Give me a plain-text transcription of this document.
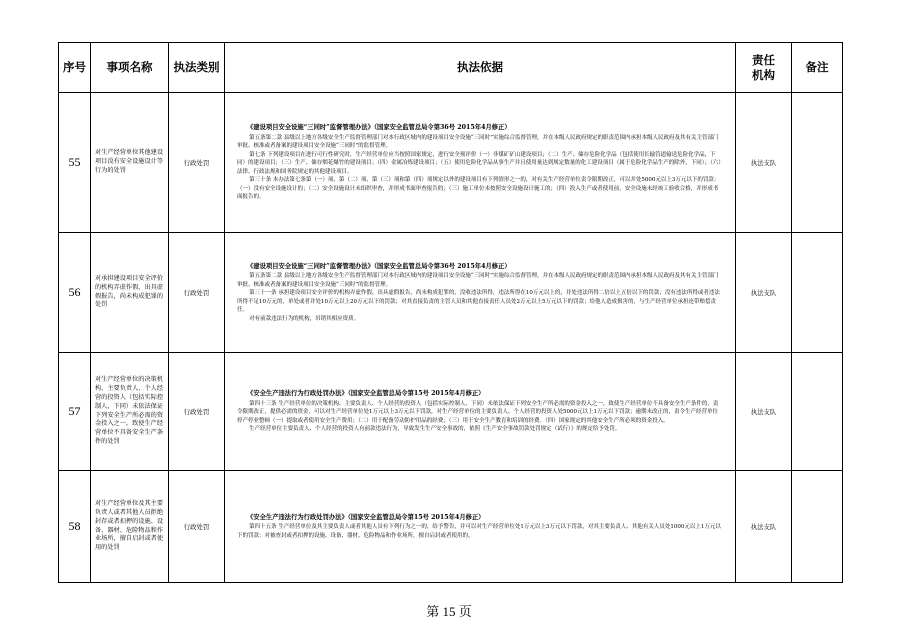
序号	事项名称	执法类别	执法依据	责任机构	备注
55	对生产经营单位其他建设项目没有安全设施设计等行为的处罚	行政处罚	《建设项目安全设施“三同时”监督管理办法》（国家安全监管总局令第36号 2015年4月修正）

第五条第二款 县级以上地方各级安全生产监督管理部门对本行政区域内的建设项目安全设施“三同时”实施综合监督管理，并在本级人民政府规定的职责范围内承担本级人民政府及其有关主管部门审批、核准或者备案的建设项目安全设施“三同时”的监督管理。

第七条 下列建设项目在进行可行性研究时，生产经营单位应当按照国家规定，进行安全预评价（一）非煤矿矿山建设项目；（二）生产、储存危险化学品（包括使用长输管道输送危险化学品，下同）的建设项目；（三）生产、储存烟花爆竹的建设项目；（四）金属冶炼建设项目；（五）使用危险化学品从事生产并且使用量达到规定数量的化工建设项目（属于危险化学品生产的除外，下同）；（六）法律、行政法规和国务院规定的其他建设项目。

第三十条 本办法第七条第（一）项、第（二）项、第（三）项和第（四）项规定以外的建设项目有下列情形之一的，对有关生产经营单位责令限期改正，可以并处5000元以上3万元以下的罚款：（一）没有安全设施设计的；（二）安全设施设计未组织审查，并形成书面审查报告的；（三）施工单位未按照安全设施设计施工的；（四）投入生产或者使用前，安全设施未经竣工验收合格，并形成书面报告的。	执法支队	
56	对承担建设项目安全评价的机构弄虚作假、出具虚假报告，尚未构成犯罪的处罚	行政处罚	《建设项目安全设施“三同时”监督管理办法》（国家安全监管总局令第36号 2015年4月修正）

第五条第二款 县级以上地方各级安全生产监督管理部门对本行政区域内的建设项目安全设施“三同时”实施综合监督管理，并在本级人民政府规定的职责范围内承担本级人民政府及其有关主管部门审批、核准或者备案的建设项目安全设施“三同时”的监督管理。

第三十一条 承担建设项目安全评价的机构弄虚作假、出具虚假报告，尚未构成犯罪的，没收违法所得，违法所得在10万元以上的，并处违法所得二倍以上五倍以下的罚款；没有违法所得或者违法所得不足10万元的，单处或者并处10万元以上20万元以下的罚款；对其直接负责的主管人员和其他直接责任人员处2万元以上5万元以下的罚款；给他人造成损害的，与生产经营单位承担连带赔偿责任。

对有前款违法行为的机构，吊销其相应资质。	执法支队	
57	对生产经营单位的决策机构、主要负责人、个人经营的投资人（包括实际控制人，下同）未依法保证下列安全生产所必需的资金投入之一，致使生产经营单位不具备安全生产条件的处罚	行政处罚	《安全生产违法行为行政处罚办法》（国家安全监管总局令第15号 2015年4月修正）

第四十三条 生产经营单位的决策机构、主要负责人、个人经营的投资人（包括实际控制人，下同）未依法保证下列安全生产所必需的资金投入之一，致使生产经营单位不具备安全生产条件的，责令限期改正，提供必需的资金，可以对生产经营单位处1万元以上3万元以下罚款，对生产经营单位的主要负责人、个人经营的投资人处5000元以上1万元以下罚款；逾期未改正的，责令生产经营单位停产停业整顿（一）提取或者使用安全生产费用；（二）用于配备劳动防护用品的经费；（三）用于安全生产教育和培训的经费。（四）国家规定的其他安全生产所必须的资金投入。

生产经营单位主要负责人、个人经营的投资人有前款违法行为，导致发生生产安全事故的，依照《生产安全事故罚款处罚规定（试行）》的规定给予处罚。	执法支队	
58	对生产经营单位及其主要负责人或者其他人员拒绝封存或者扣押的设施、设备、器材、危险物品和作业场所，擅自启封或者使用的处罚	行政处罚	《安全生产违法行为行政处罚办法》（国家安全监管总局令第15号 2015年4月修正）

第四十五条 生产经营单位及其主要负责人或者其他人员有下列行为之一的，给予警告，并可以对生产经营单位处1万元以上3万元以下罚款，对其主要负责人、其他有关人员处1000元以上1万元以下的罚款：对被查封或者扣押的设施、设备、器材、危险物品和作业场所，擅自启封或者使用的。	执法支队	
第 15 页
